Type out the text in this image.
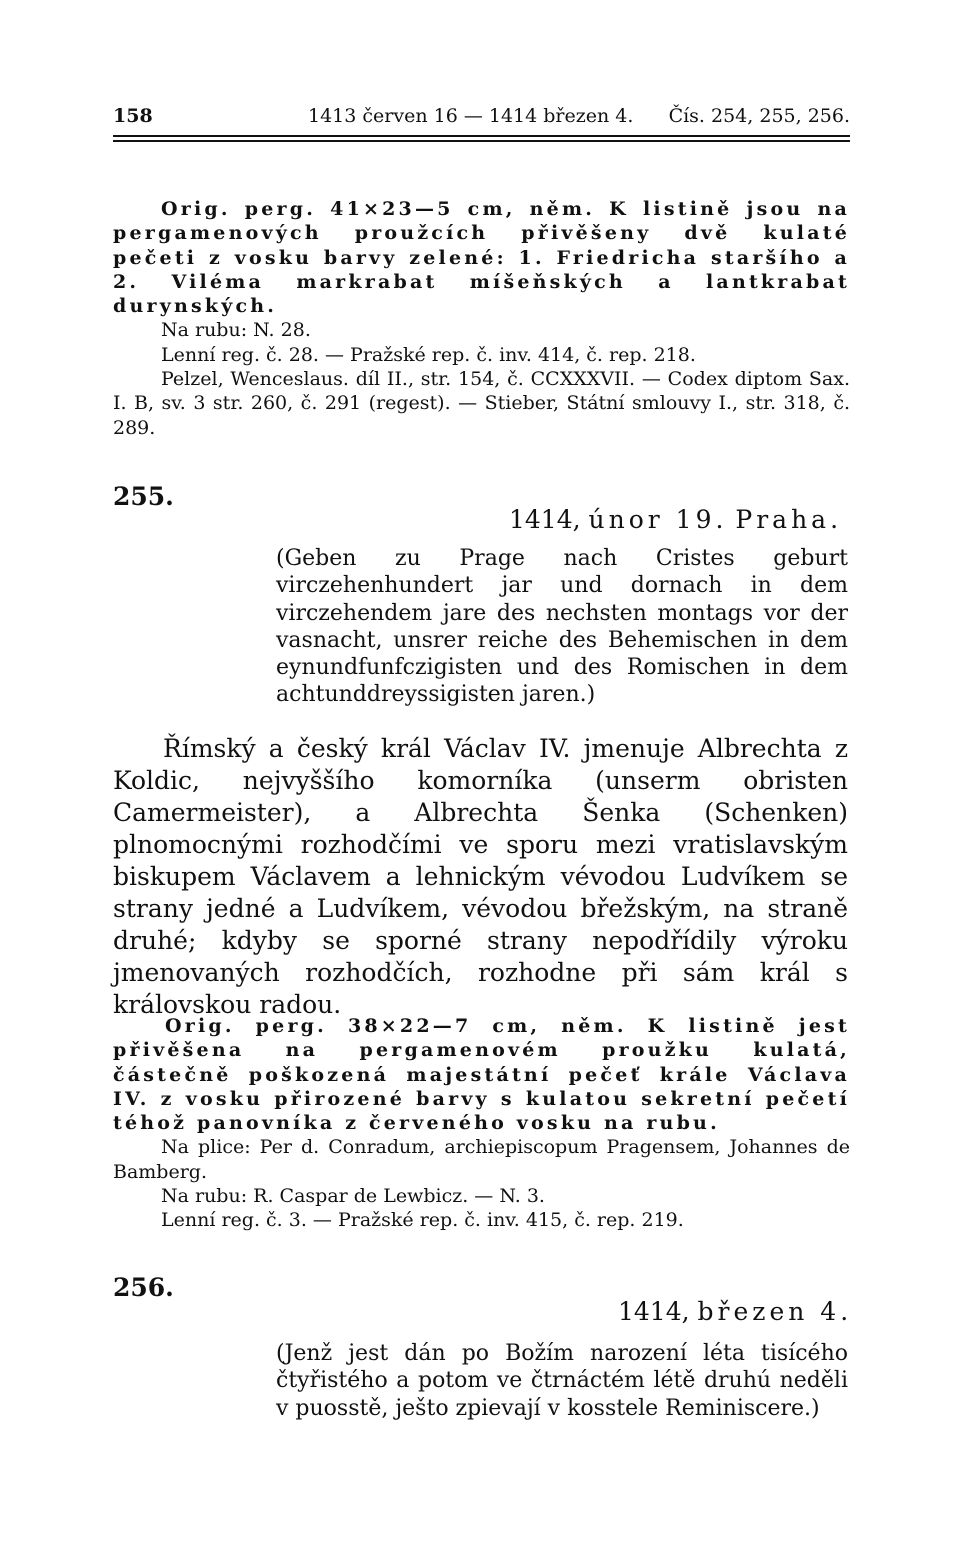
158	1413 červen 16 — 1414 březen 4. Čís. 254, 255, 256.
Orig. perg. 41×23—5 cm, něm. K listině jsou na pergamenových proužcích přivěšeny dvě kulaté pečeti z vosku barvy zelené: 1. Friedricha staršího a 2. Viléma markrabat míšeňských a lantkrabat durynských.
Na rubu: N. 28.
Lenní reg. č. 28. — Pražské rep. č. inv. 414, č. rep. 218.
Pelzel, Wenceslaus. díl II., str. 154, č. CCXXXVII. — Codex diptom Sax. I. B, sv. 3 str. 260, č. 291 (regest). — Stieber, Státní smlouvy I., str. 318, č. 289.
255.
1414, únor 19. Praha.
(Geben zu Prage nach Cristes geburt virczehenhundert jar und dornach in dem virczehendem jare des nechsten montags vor der vasnacht, unsrer reiche des Behemischen in dem eynundfunfczigisten und des Romischen in dem achtunddreyssigisten jaren.)
Římský a český král Václav IV. jmenuje Albrechta z Koldic, nejvyššího komorníka (unserm obristen Camermeister), a Albrechta Šenka (Schenken) plnomocnými rozhodčími ve sporu mezi vratislavským biskupem Václavem a lehnickým vévodou Ludvíkem se strany jedné a Ludvíkem, vévodou břežským, na straně druhé; kdyby se sporné strany nepodřídily výroku jmenovaných rozhodčích, rozhodne při sám král s královskou radou.
Orig. perg. 38×22—7 cm, něm. K listině jest přivěšena na pergamenovém proužku kulatá, částečně poškozená majestátní pečeť krále Václava IV. z vosku přirozené barvy s kulatou sekretní pečetí téhož panovníka z červeného vosku na rubu.
Na plice: Per d. Conradum, archiepiscopum Pragensem, Johannes de Bamberg.
Na rubu: R. Caspar de Lewbicz. — N. 3.
Lenní reg. č. 3. — Pražské rep. č. inv. 415, č. rep. 219.
256.
1414, březen 4.
(Jenž jest dán po Božím narození léta tisícého čtyřistého a potom ve čtrnáctém létě druhú neděli v puosstě, ješto zpievají v kosstele Reminiscere.)
